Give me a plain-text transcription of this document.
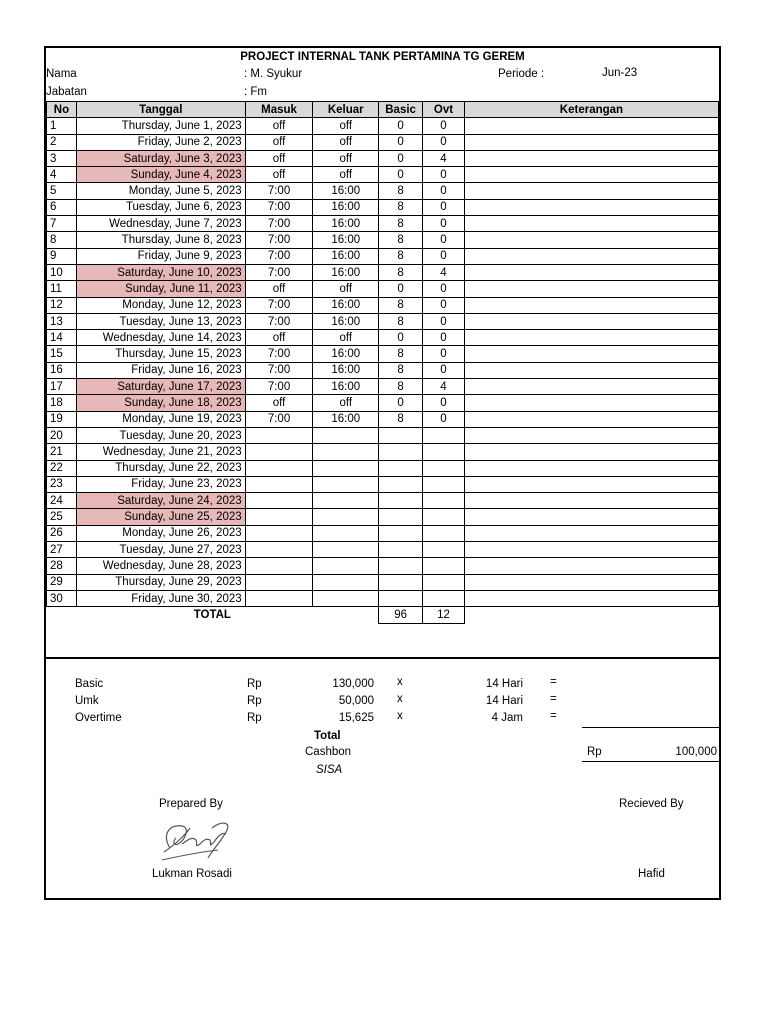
PROJECT INTERNAL TANK PERTAMINA TG GEREM
Nama	: M. Syukur	Periode :	Jun-23
Jabatan	: Fm
No	Tanggal	Masuk	Keluar	Basic	Ovt	Keterangan
1	Thursday, June 1, 2023	off	off	0	0	
2	Friday, June 2, 2023	off	off	0	0	
3	Saturday, June 3, 2023	off	off	0	4	
4	Sunday, June 4, 2023	off	off	0	0	
5	Monday, June 5, 2023	7:00	16:00	8	0	
6	Tuesday, June 6, 2023	7:00	16:00	8	0	
7	Wednesday, June 7, 2023	7:00	16:00	8	0	
8	Thursday, June 8, 2023	7:00	16:00	8	0	
9	Friday, June 9, 2023	7:00	16:00	8	0	
10	Saturday, June 10, 2023	7:00	16:00	8	4	
11	Sunday, June 11, 2023	off	off	0	0	
12	Monday, June 12, 2023	7:00	16:00	8	0	
13	Tuesday, June 13, 2023	7:00	16:00	8	0	
14	Wednesday, June 14, 2023	off	off	0	0	
15	Thursday, June 15, 2023	7:00	16:00	8	0	
16	Friday, June 16, 2023	7:00	16:00	8	0	
17	Saturday, June 17, 2023	7:00	16:00	8	4	
18	Sunday, June 18, 2023	off	off	0	0	
19	Monday, June 19, 2023	7:00	16:00	8	0	
20	Tuesday, June 20, 2023					
21	Wednesday, June 21, 2023					
22	Thursday, June 22, 2023					
23	Friday, June 23, 2023					
24	Saturday, June 24, 2023					
25	Sunday, June 25, 2023					
26	Monday, June 26, 2023					
27	Tuesday, June 27, 2023					
28	Wednesday, June 28, 2023					
29	Thursday, June 29, 2023					
30	Friday, June 30, 2023					
TOTAL				96	12	
Basic	Rp	130,000 x	14 Hari =
Umk	Rp	50,000 x	14 Hari =
Overtime	Rp	15,625 x	4 Jam =
Total
Cashbon	Rp	100,000
SISA
Prepared By	Recieved By
Lukman Rosadi	Hafid
